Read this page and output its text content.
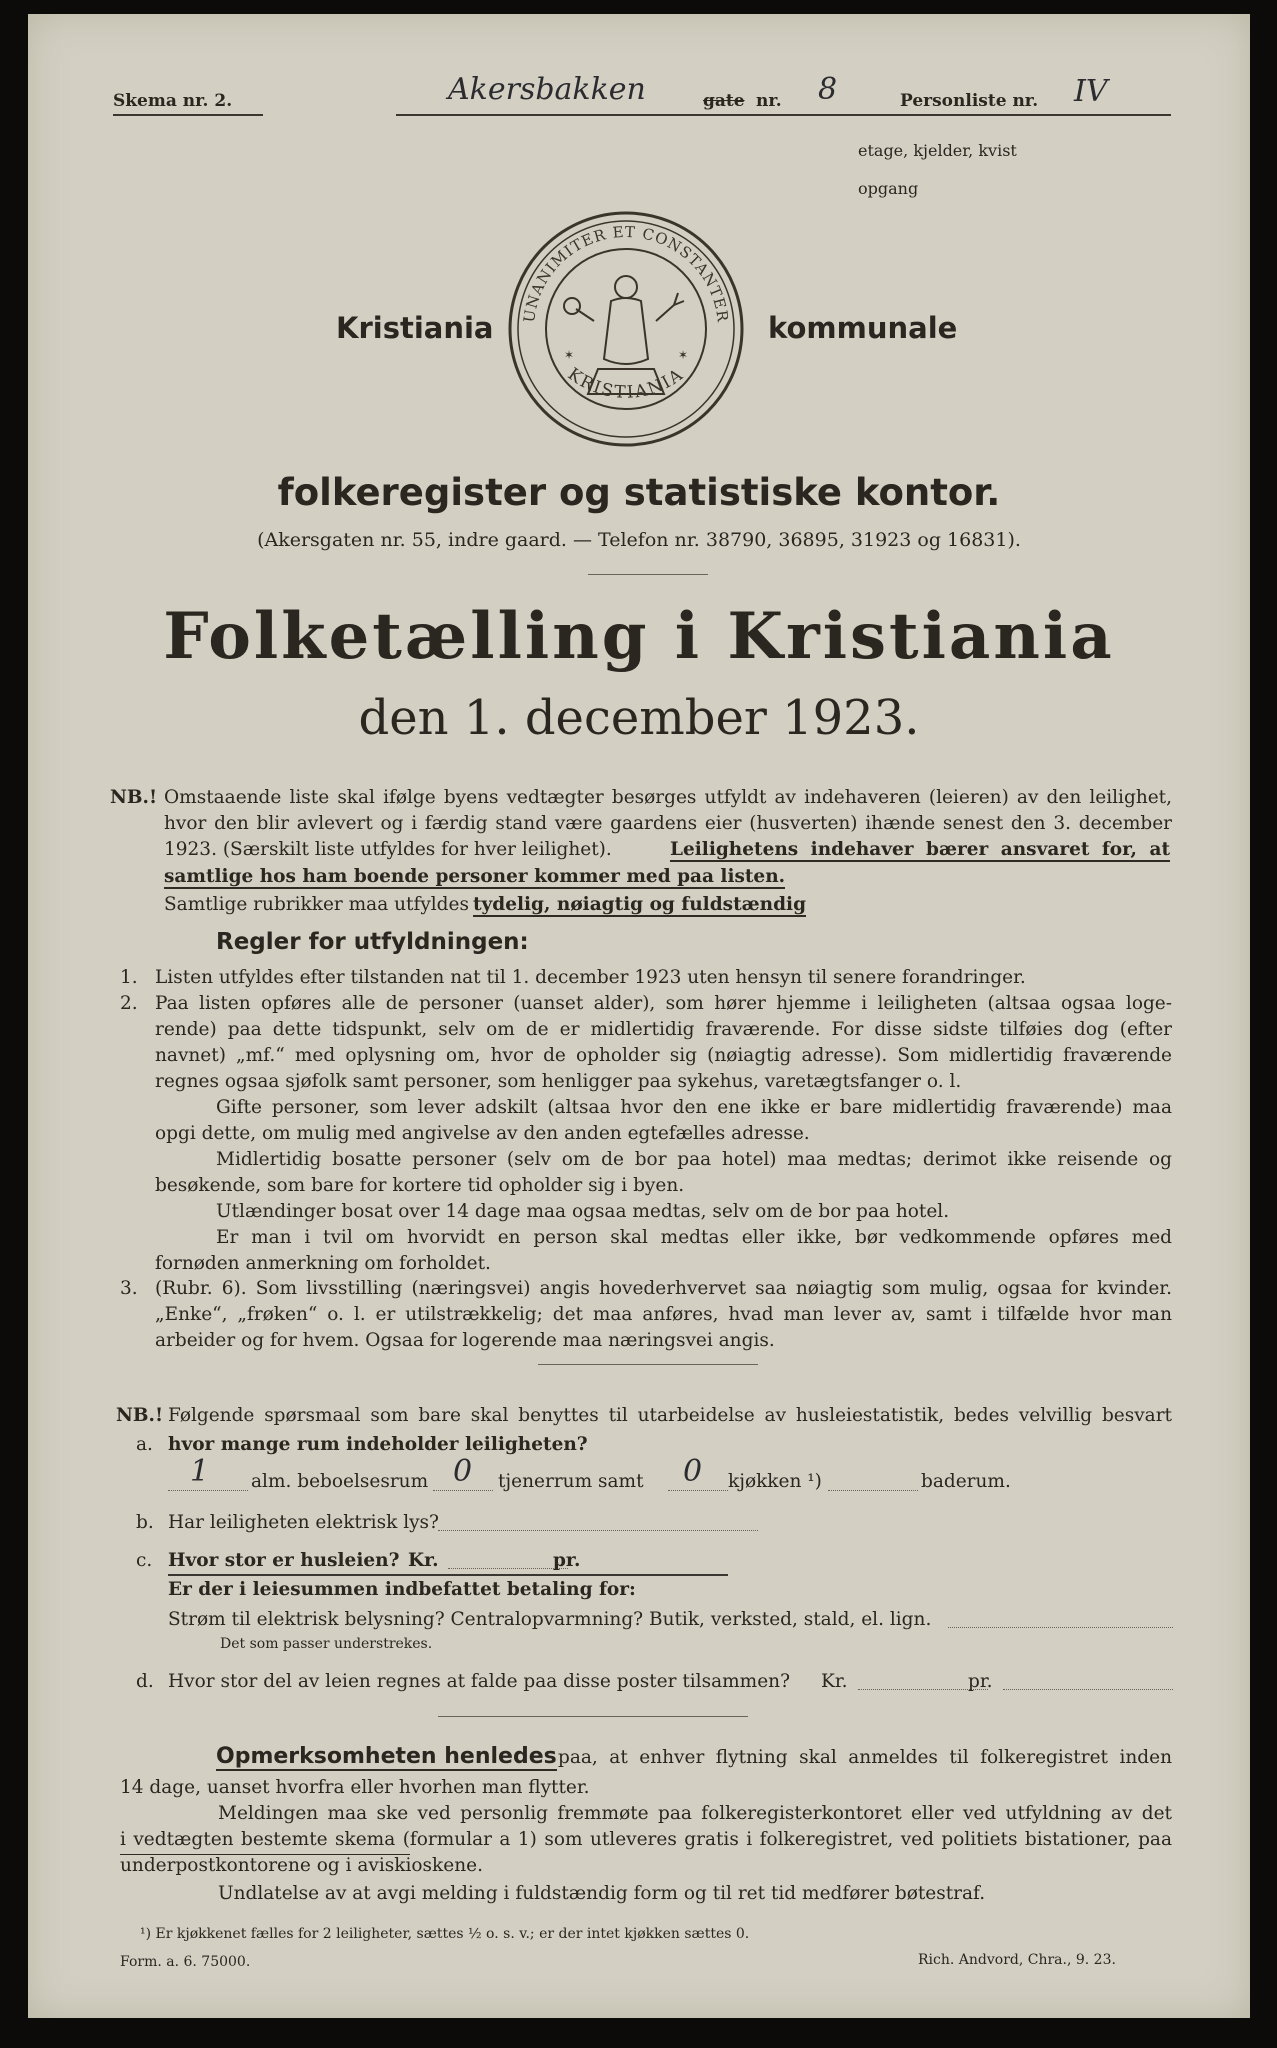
Skema nr. 2.	Akersbakken	gate nr. 8	Personliste nr. IV
etage, kjelder, kvist
opgang
Kristiania	kommunale
UNANIMITER ET CONSTANTER
KRISTIANIA
✶	✶
folkeregister og statistiske kontor.
(Akersgaten nr. 55, indre gaard. — Telefon nr. 38790, 36895, 31923 og 16831).
Folketælling i Kristiania
den 1. december 1923.
NB.! Omstaaende liste skal ifølge byens vedtægter besørges utfyldt av indehaveren (leieren) av den leilighet,
hvor den blir avlevert og i færdig stand være gaardens eier (husverten) ihænde senest den 3. december
1923. (Særskilt liste utfyldes for hver leilighet).	Leilighetens indehaver bærer ansvaret for, at
samtlige hos ham boende personer kommer med paa listen.
Samtlige rubrikker maa utfyldes tydelig, nøiagtig og fuldstændig
Regler for utfyldningen:
1.
2.
3.
Listen utfyldes efter tilstanden nat til 1. december 1923 uten hensyn til senere forandringer.
Paa listen opføres alle de personer (uanset alder), som hører hjemme i leiligheten (altsaa ogsaa loge-
rende) paa dette tidspunkt, selv om de er midlertidig fraværende. For disse sidste tilføies dog (efter
navnet) „mf.“ med oplysning om, hvor de opholder sig (nøiagtig adresse). Som midlertidig fraværende
regnes ogsaa sjøfolk samt personer, som henligger paa sykehus, varetægtsfanger o. l.
Gifte personer, som lever adskilt (altsaa hvor den ene ikke er bare midlertidig fraværende) maa
opgi dette, om mulig med angivelse av den anden egtefælles adresse.
Midlertidig bosatte personer (selv om de bor paa hotel) maa medtas; derimot ikke reisende og
besøkende, som bare for kortere tid opholder sig i byen.
Utlændinger bosat over 14 dage maa ogsaa medtas, selv om de bor paa hotel.
Er man i tvil om hvorvidt en person skal medtas eller ikke, bør vedkommende opføres med
fornøden anmerkning om forholdet.
(Rubr. 6). Som livsstilling (næringsvei) angis hovederhvervet saa nøiagtig som mulig, ogsaa for kvinder.
„Enke“, „frøken“ o. l. er utilstrækkelig; det maa anføres, hvad man lever av, samt i tilfælde hvor man
arbeider og for hvem. Ogsaa for logerende maa næringsvei angis.
NB.! Følgende spørsmaal som bare skal benyttes til utarbeidelse av husleiestatistik, bedes velvillig besvart
a. hvor mange rum indeholder leiligheten?
1 alm. beboelsesrum 0 tjenerrum samt 0 kjøkken ¹)	baderum.
b. Har leiligheten elektrisk lys?
c. Hvor stor er husleien? Kr.	pr.
Er der i leiesummen indbefattet betaling for:
Strøm til elektrisk belysning? Centralopvarmning? Butik, verksted, stald, el. lign.
Det som passer understrekes.
d. Hvor stor del av leien regnes at falde paa disse poster tilsammen? Kr.	pr.
Opmerksomheten henledes paa, at enhver flytning skal anmeldes til folkeregistret inden
14 dage, uanset hvorfra eller hvorhen man flytter.
Meldingen maa ske ved personlig fremmøte paa folkeregisterkontoret eller ved utfyldning av det
i vedtægten bestemte skema (formular a 1) som utleveres gratis i folkeregistret, ved politiets bistationer, paa
underpostkontorene og i aviskioskene.
Undlatelse av at avgi melding i fuldstændig form og til ret tid medfører bøtestraf.
¹) Er kjøkkenet fælles for 2 leiligheter, sættes ½ o. s. v.; er der intet kjøkken sættes 0.
Form. a. 6. 75000.	Rich. Andvord, Chra., 9. 23.
